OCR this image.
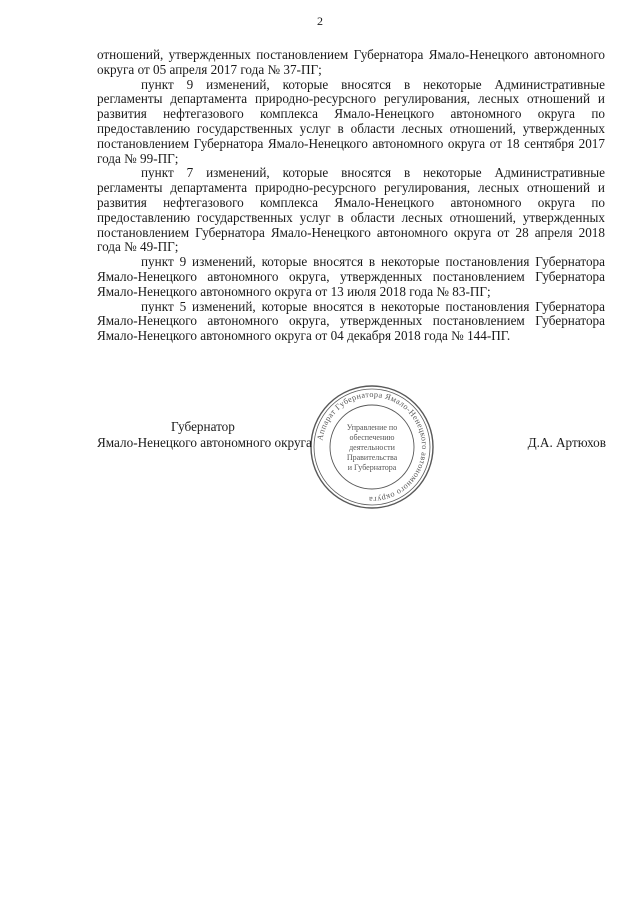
2

отношений, утвержденных постановлением Губернатора Ямало-Ненецкого автономного округа от 05 апреля 2017 года № 37-ПГ;

пункт 9 изменений, которые вносятся в некоторые Административные регламенты департамента природно-ресурсного регулирования, лесных отношений и развития нефтегазового комплекса Ямало-Ненецкого автономного округа по предоставлению государственных услуг в области лесных отношений, утвержденных постановлением Губернатора Ямало-Ненецкого автономного округа от 18 сентября 2017 года № 99-ПГ;

пункт 7 изменений, которые вносятся в некоторые Административные регламенты департамента природно-ресурсного регулирования, лесных отношений и развития нефтегазового комплекса Ямало-Ненецкого автономного округа по предоставлению государственных услуг в области лесных отношений, утвержденных постановлением Губернатора Ямало-Ненецкого автономного округа от 28 апреля 2018 года № 49-ПГ;

пункт 9 изменений, которые вносятся в некоторые постановления Губернатора Ямало-Ненецкого автономного округа, утвержденных постановлением Губернатора Ямало-Ненецкого автономного округа от 13 июля 2018 года № 83-ПГ;

пункт 5 изменений, которые вносятся в некоторые постановления Губернатора Ямало-Ненецкого автономного округа, утвержденных постановлением Губернатора Ямало-Ненецкого автономного округа от 04 декабря 2018 года № 144-ПГ.

Губернатор
Ямало-Ненецкого автономного округа	Д.А. Артюхов
Аппарат Губернатора Ямало-Ненецкого автономного округа
Управление по
обеспечению
деятельности
Правительства
и Губернатора
